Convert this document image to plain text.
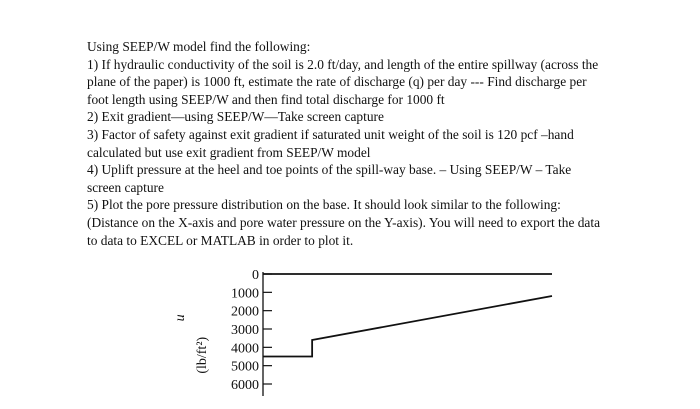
Using SEEP/W model find the following:
1) If hydraulic conductivity of the soil is 2.0 ft/day, and length of the entire spillway (across the
plane of the paper) is 1000 ft, estimate the rate of discharge (q) per day --- Find discharge per
foot length using SEEP/W and then find total discharge for 1000 ft
2) Exit gradient—using SEEP/W—Take screen capture
3) Factor of safety against exit gradient if saturated unit weight of the soil is 120 pcf –hand
calculated but use exit gradient from SEEP/W model
4) Uplift pressure at the heel and toe points of the spill-way base. – Using SEEP/W – Take
screen capture
5) Plot the pore pressure distribution on the base. It should look similar to the following:
(Distance on the X-axis and pore water pressure on the Y-axis). You will need to export the data
to data to EXCEL or MATLAB in order to plot it.
(lb/ft²) u
0
1000
2000
3000
4000
5000
6000
